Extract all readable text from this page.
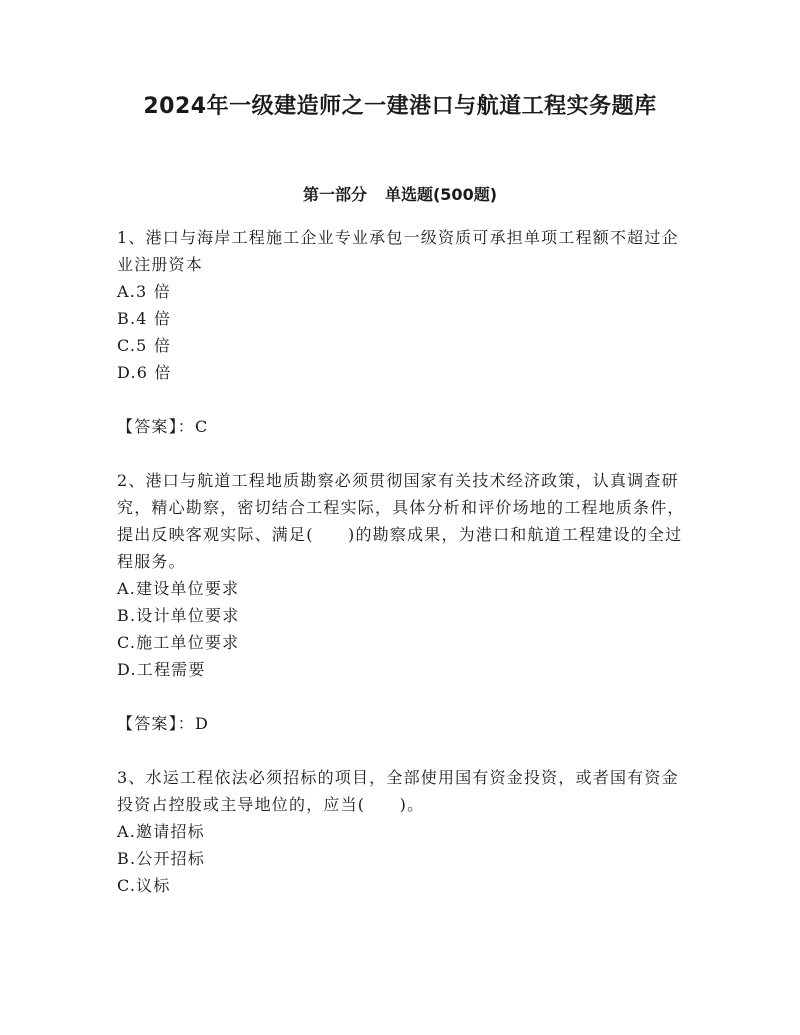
2024年一级建造师之一建港口与航道工程实务题库
第一部分 单选题(500题)

1、港口与海岸工程施工企业专业承包一级资质可承担单项工程额不超过企业注册资本

A.3 倍

B.4 倍

C.5 倍

D.6 倍

【答案】：C

2、港口与航道工程地质勘察必须贯彻国家有关技术经济政策，认真调查研究，精心勘察，密切结合工程实际，具体分析和评价场地的工程地质条件，提出反映客观实际、满足(　　)的勘察成果，为港口和航道工程建设的全过程服务。

A.建设单位要求

B.设计单位要求

C.施工单位要求

D.工程需要

【答案】：D

3、水运工程依法必须招标的项目，全部使用国有资金投资，或者国有资金投资占控股或主导地位的，应当(　　)。

A.邀请招标

B.公开招标

C.议标
